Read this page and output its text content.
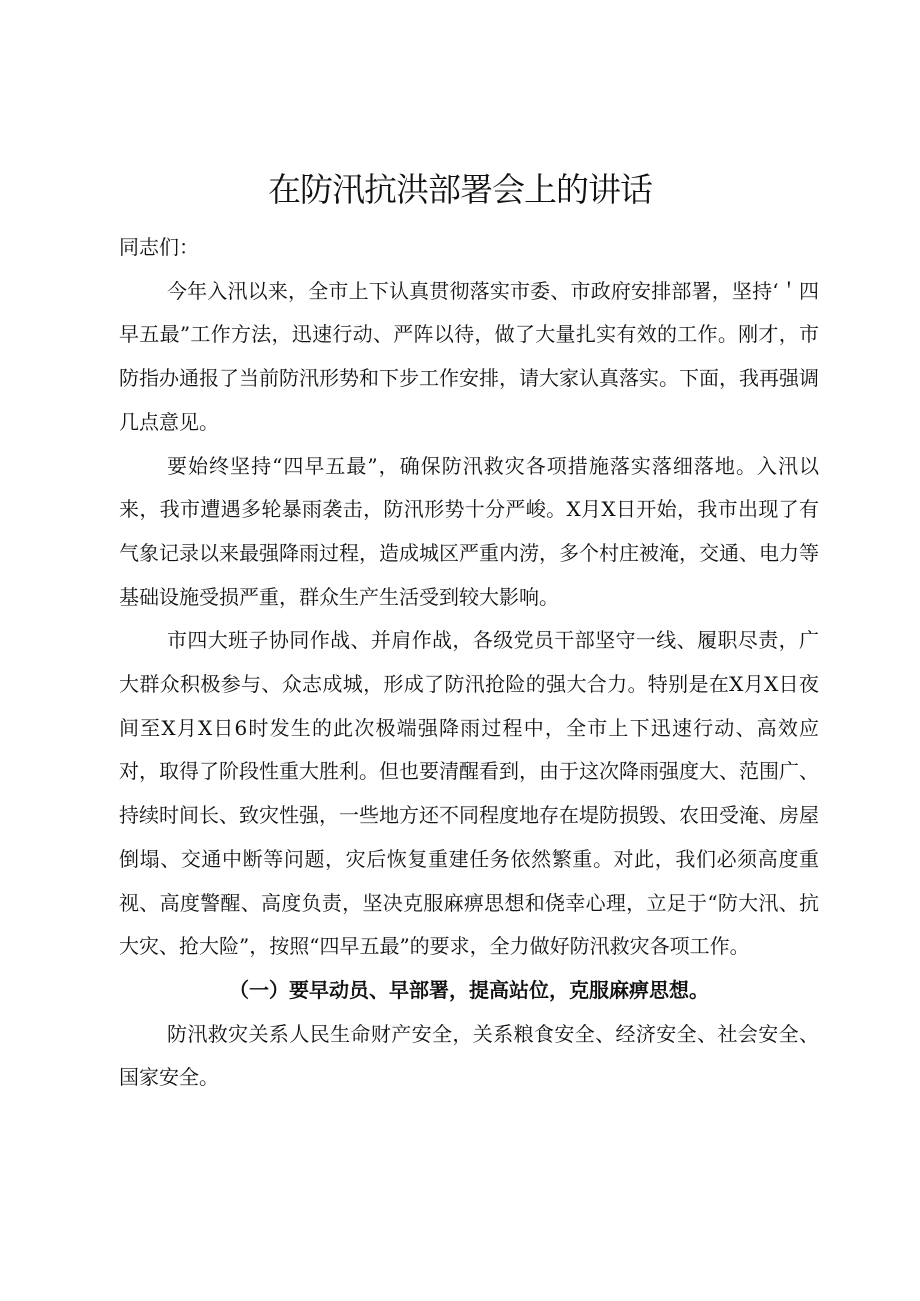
在防汛抗洪部署会上的讲话

同志们：

今年入汛以来，全市上下认真贯彻落实市委、市政府安排部署，坚持‘＇四早五最”工作方法，迅速行动、严阵以待，做了大量扎实有效的工作。刚才，市防指办通报了当前防汛形势和下步工作安排，请大家认真落实。下面，我再强调几点意见。

要始终坚持“四早五最”，确保防汛救灾各项措施落实落细落地。入汛以来，我市遭遇多轮暴雨袭击，防汛形势十分严峻。X月X日开始，我市出现了有气象记录以来最强降雨过程，造成城区严重内涝，多个村庄被淹，交通、电力等基础设施受损严重，群众生产生活受到较大影响。

市四大班子协同作战、并肩作战，各级党员干部坚守一线、履职尽责，广大群众积极参与、众志成城，形成了防汛抢险的强大合力。特别是在X月X日夜间至X月X日6时发生的此次极端强降雨过程中，全市上下迅速行动、高效应对，取得了阶段性重大胜利。但也要清醒看到，由于这次降雨强度大、范围广、持续时间长、致灾性强，一些地方还不同程度地存在堤防损毁、农田受淹、房屋倒塌、交通中断等问题，灾后恢复重建任务依然繁重。对此，我们必须高度重视、高度警醒、高度负责，坚决克服麻痹思想和侥幸心理，立足于“防大汛、抗大灾、抢大险”，按照“四早五最”的要求，全力做好防汛救灾各项工作。

（一）要早动员、早部署，提高站位，克服麻痹思想。

防汛救灾关系人民生命财产安全，关系粮食安全、经济安全、社会安全、国家安全。
